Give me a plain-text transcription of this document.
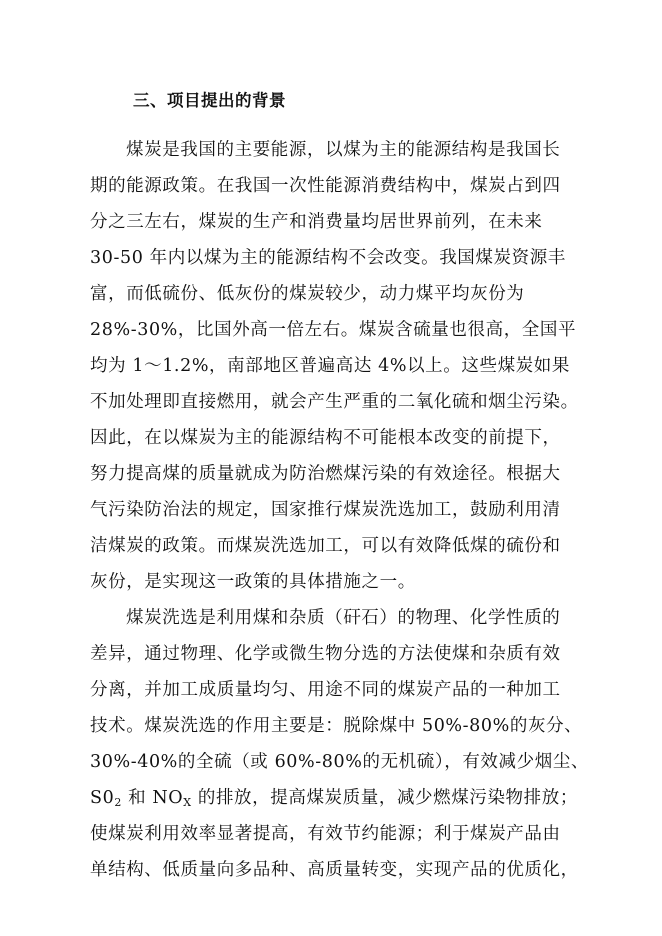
三、项目提出的背景
煤炭是我国的主要能源，以煤为主的能源结构是我国长
期的能源政策。在我国一次性能源消费结构中，煤炭占到四
分之三左右，煤炭的生产和消费量均居世界前列，在未来
30-50 年内以煤为主的能源结构不会改变。我国煤炭资源丰
富，而低硫份、低灰份的煤炭较少，动力煤平均灰份为
28%-30%，比国外高一倍左右。煤炭含硫量也很高，全国平
均为 1～1.2%，南部地区普遍高达 4%以上。这些煤炭如果
不加处理即直接燃用，就会产生严重的二氧化硫和烟尘污染。
因此，在以煤炭为主的能源结构不可能根本改变的前提下，
努力提高煤的质量就成为防治燃煤污染的有效途径。根据大
气污染防治法的规定，国家推行煤炭洗选加工，鼓励利用清
洁煤炭的政策。而煤炭洗选加工，可以有效降低煤的硫份和
灰份，是实现这一政策的具体措施之一。
煤炭洗选是利用煤和杂质（矸石）的物理、化学性质的
差异，通过物理、化学或微生物分选的方法使煤和杂质有效
分离，并加工成质量均匀、用途不同的煤炭产品的一种加工
技术。煤炭洗选的作用主要是：脱除煤中 50%-80%的灰分、
30%-40%的全硫（或 60%-80%的无机硫），有效减少烟尘、
$S0_2$ 和 $NO_X$ 的排放，提高煤炭质量，减少燃煤污染物排放；
使煤炭利用效率显著提高，有效节约能源；利于煤炭产品由
单结构、低质量向多品种、高质量转变，实现产品的优质化，
